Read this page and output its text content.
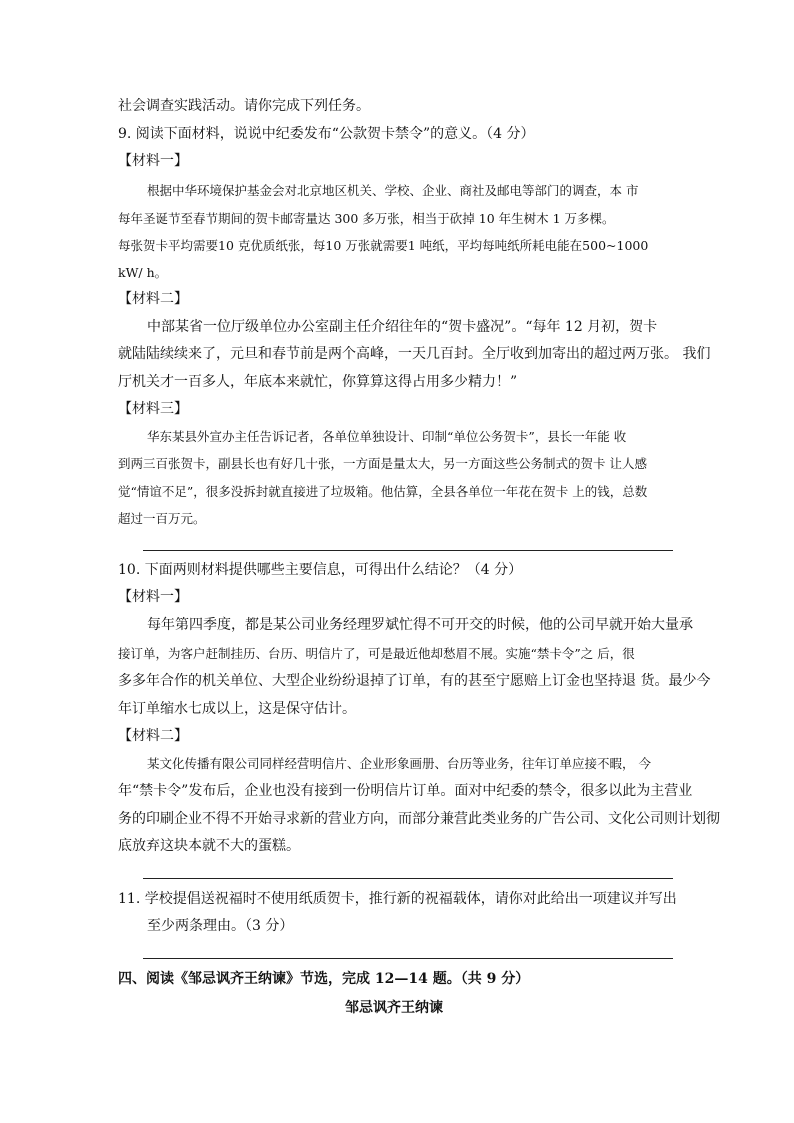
社会调查实践活动。请你完成下列任务。
9. 阅读下面材料，说说中纪委发布“公款贺卡禁令”的意义。（4 分）
【材料一】
根据中华环境保护基金会对北京地区机关、学校、企业、商社及邮电等部门的调查，本 市
每年圣诞节至春节期间的贺卡邮寄量达 300 多万张，相当于砍掉 10 年生树木 1 万多棵。
每张贺卡平均需要10 克优质纸张，每10 万张就需要1 吨纸，平均每吨纸所耗电能在500~1000
kW/ h。
【材料二】
中部某省一位厅级单位办公室副主任介绍往年的“贺卡盛况”。“每年 12 月初，贺卡
就陆陆续续来了，元旦和春节前是两个高峰，一天几百封。全厅收到加寄出的超过两万张。 我们
厅机关才一百多人，年底本来就忙，你算算这得占用多少精力！”
【材料三】
华东某县外宣办主任告诉记者，各单位单独设计、印制“单位公务贺卡”，县长一年能 收
到两三百张贺卡，副县长也有好几十张，一方面是量太大，另一方面这些公务制式的贺卡 让人感
觉“情谊不足”，很多没拆封就直接进了垃圾箱。他估算，全县各单位一年花在贺卡 上的钱，总数
超过一百万元。
10. 下面两则材料提供哪些主要信息，可得出什么结论？（4 分）
【材料一】
每年第四季度，都是某公司业务经理罗斌忙得不可开交的时候，他的公司早就开始大量承
接订单，为客户赶制挂历、台历、明信片了，可是最近他却愁眉不展。实施“禁卡令”之 后，很
多多年合作的机关单位、大型企业纷纷退掉了订单，有的甚至宁愿赔上订金也坚持退 货。最少今
年订单缩水七成以上，这是保守估计。
【材料二】
某文化传播有限公司同样经营明信片、企业形象画册、台历等业务，往年订单应接不暇， 今
年“禁卡令”发布后，企业也没有接到一份明信片订单。面对中纪委的禁令，很多以此为主营业
务的印刷企业不得不开始寻求新的营业方向，而部分兼营此类业务的广告公司、文化公司则计划彻
底放弃这块本就不大的蛋糕。
11. 学校提倡送祝福时不使用纸质贺卡，推行新的祝福载体，请你对此给出一项建议并写出
至少两条理由。（3 分）
四、阅读《邹忌讽齐王纳谏》节选，完成 12—14 题。（共 9 分）
邹忌讽齐王纳谏
